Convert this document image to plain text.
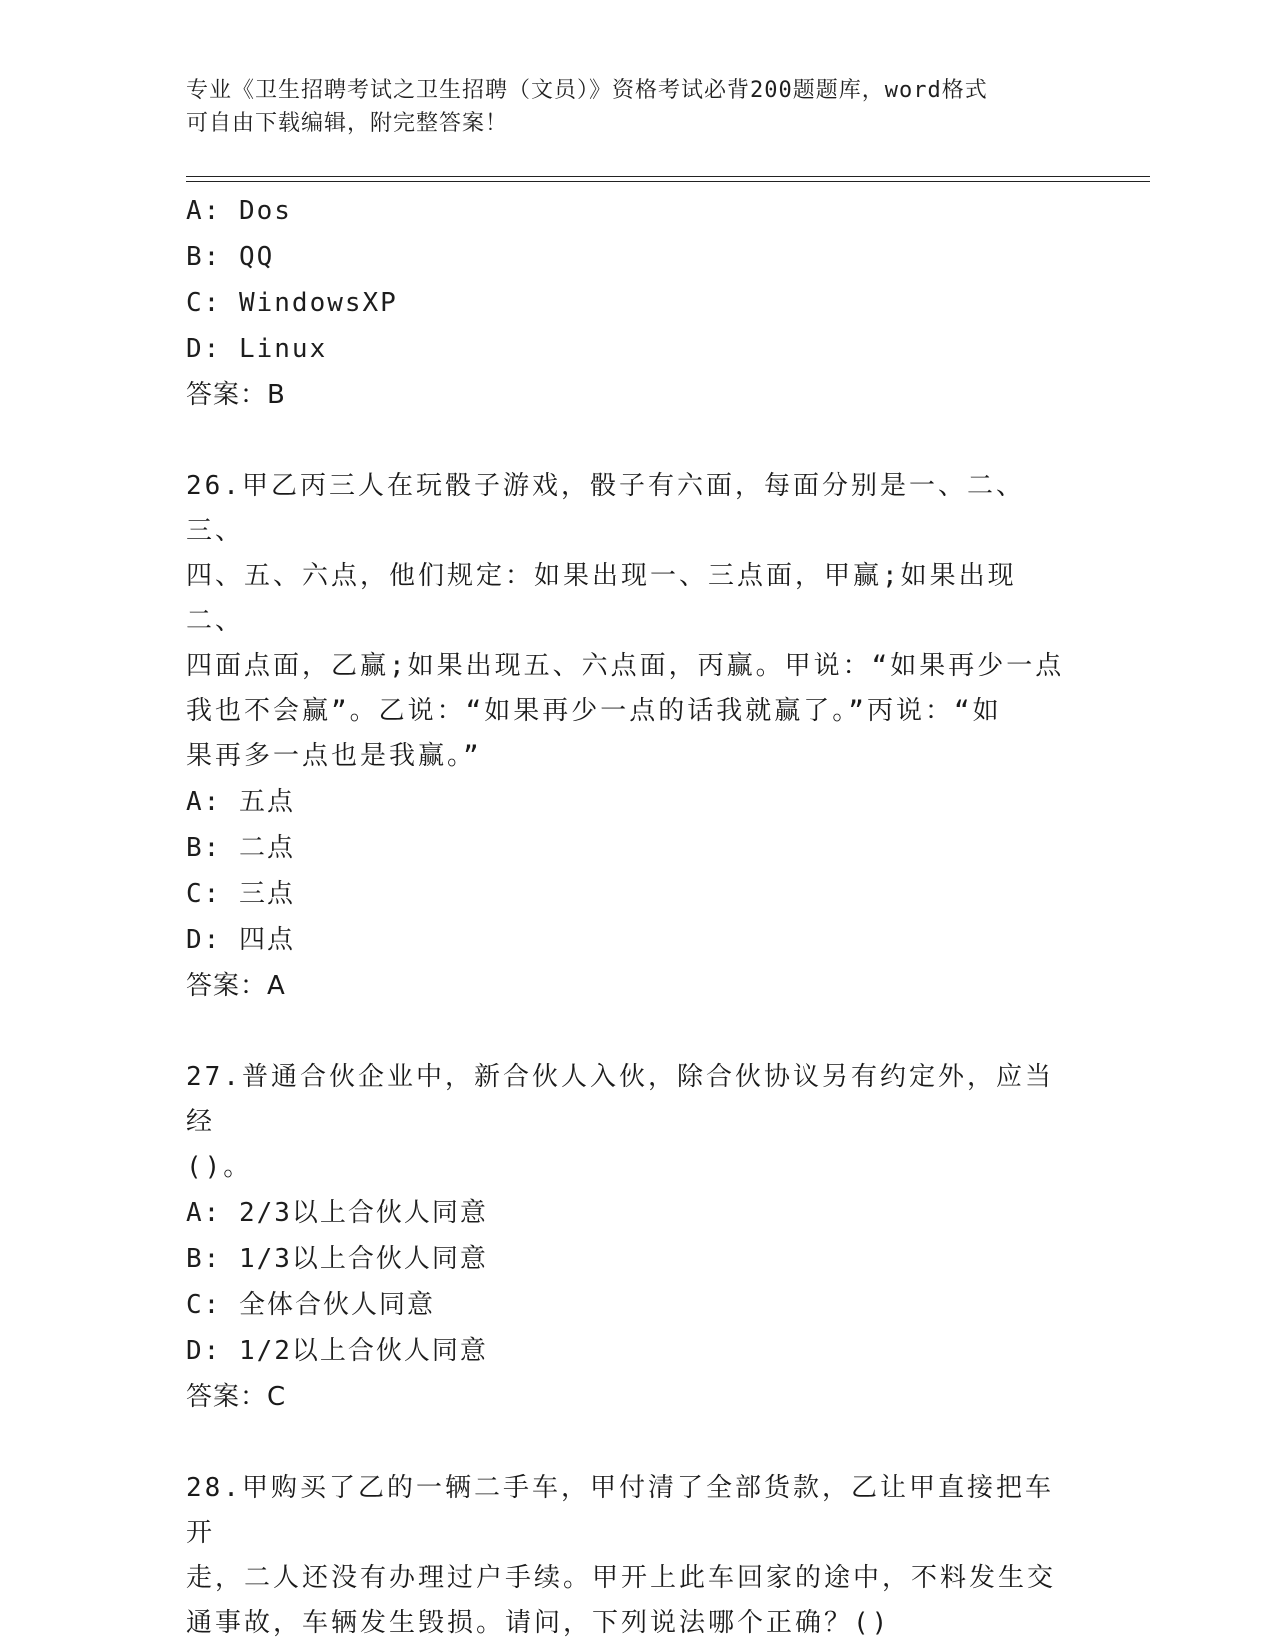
专业《卫生招聘考试之卫生招聘（文员）》资格考试必背200题题库，word格式
可自由下载编辑，附完整答案！
A: Dos
B: QQ
C: WindowsXP
D: Linux
答案：B
26.甲乙丙三人在玩骰子游戏，骰子有六面，每面分别是一、二、三、
四、五、六点，他们规定：如果出现一、三点面，甲赢;如果出现二、
四面点面，乙赢;如果出现五、六点面，丙赢。甲说：“如果再少一点
我也不会赢”。乙说：“如果再少一点的话我就赢了。”丙说：“如
果再多一点也是我赢。”
A: 五点
B: 二点
C: 三点
D: 四点
答案：A
27.普通合伙企业中，新合伙人入伙，除合伙协议另有约定外，应当经
()。
A: 2/3以上合伙人同意
B: 1/3以上合伙人同意
C: 全体合伙人同意
D: 1/2以上合伙人同意
答案：C
28.甲购买了乙的一辆二手车，甲付清了全部货款，乙让甲直接把车开
走，二人还没有办理过户手续。甲开上此车回家的途中，不料发生交
通事故，车辆发生毁损。请问，下列说法哪个正确？()
